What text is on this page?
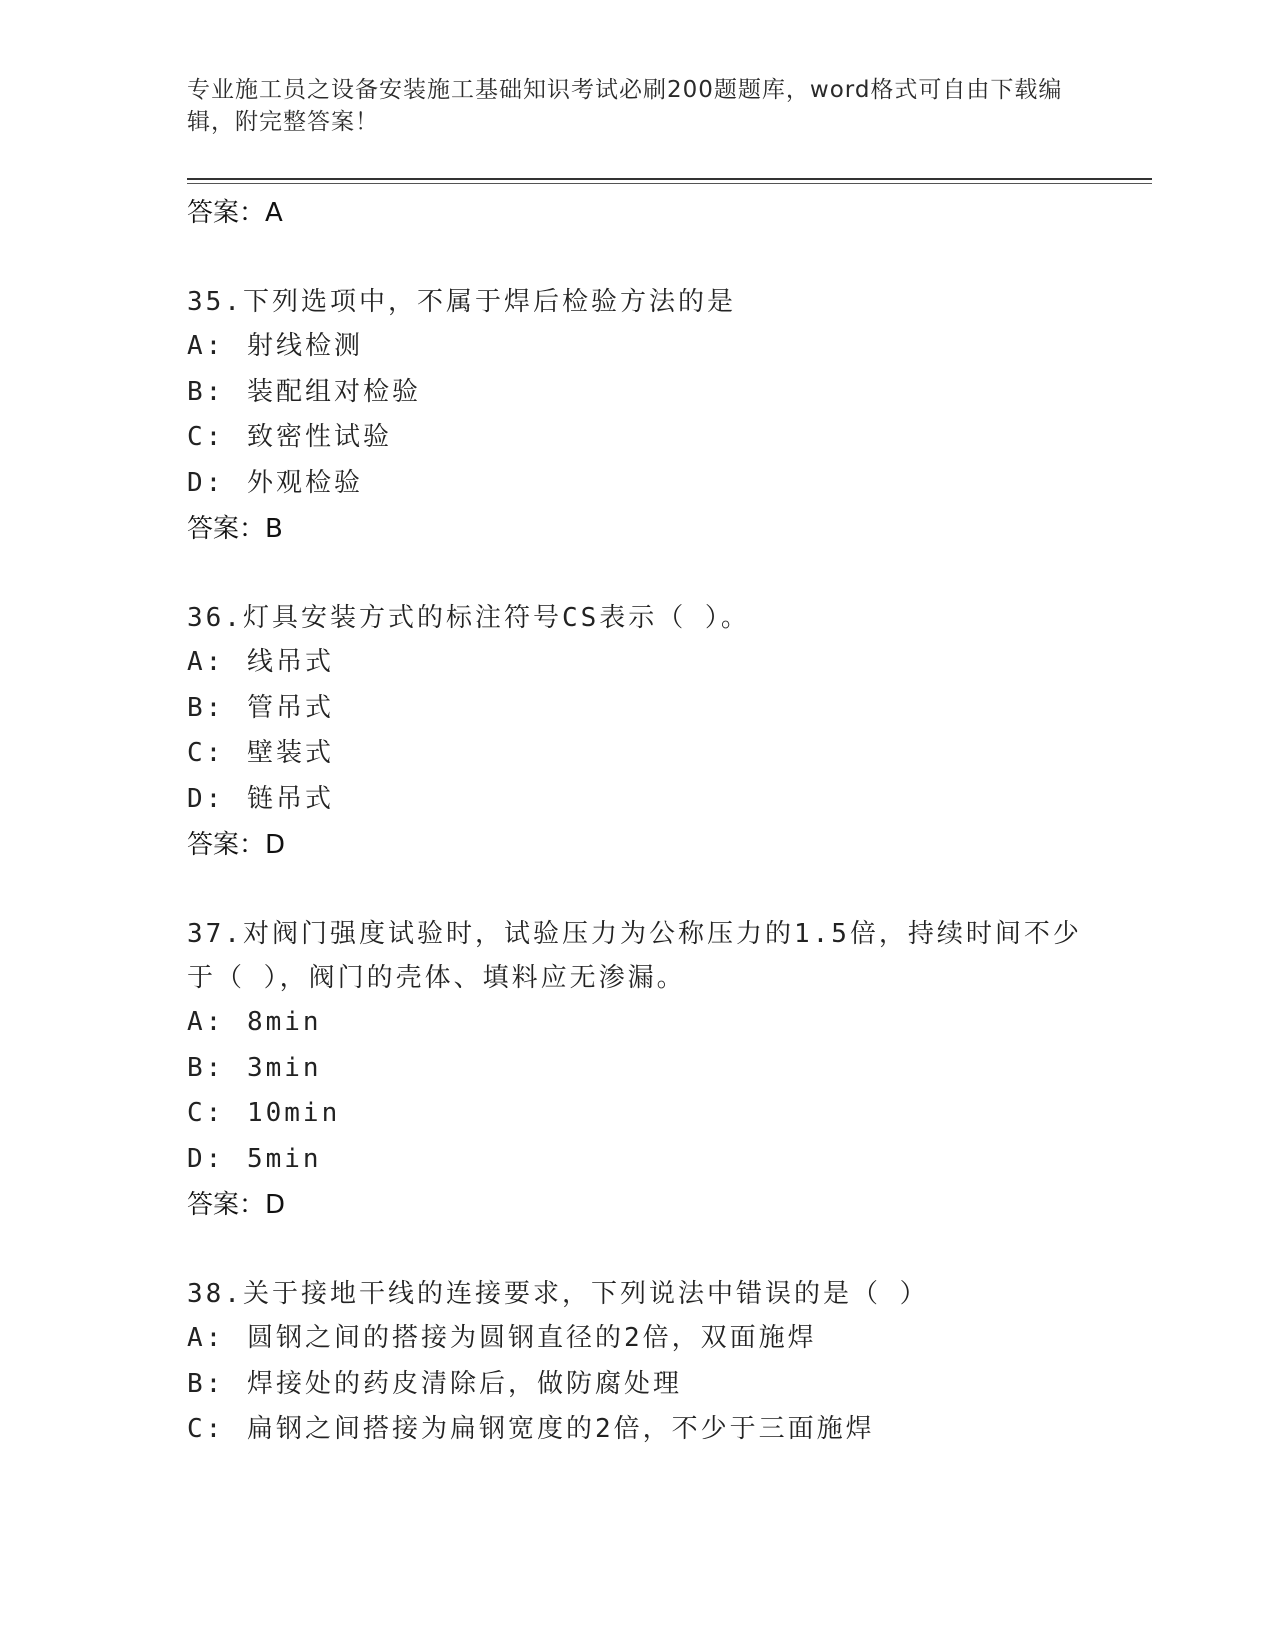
专业施工员之设备安装施工基础知识考试必刷200题题库，word格式可自由下载编辑，附完整答案！
答案：A
35.下列选项中，不属于焊后检验方法的是
A: 射线检测
B: 装配组对检验
C: 致密性试验
D: 外观检验
答案：B
36.灯具安装方式的标注符号CS表示（ ）。
A: 线吊式
B: 管吊式
C: 壁装式
D: 链吊式
答案：D
37.对阀门强度试验时，试验压力为公称压力的1.5倍，持续时间不少于（ ），阀门的壳体、填料应无渗漏。
A: 8min
B: 3min
C: 10min
D: 5min
答案：D
38.关于接地干线的连接要求，下列说法中错误的是（ ）
A: 圆钢之间的搭接为圆钢直径的2倍，双面施焊
B: 焊接处的药皮清除后，做防腐处理
C: 扁钢之间搭接为扁钢宽度的2倍，不少于三面施焊
